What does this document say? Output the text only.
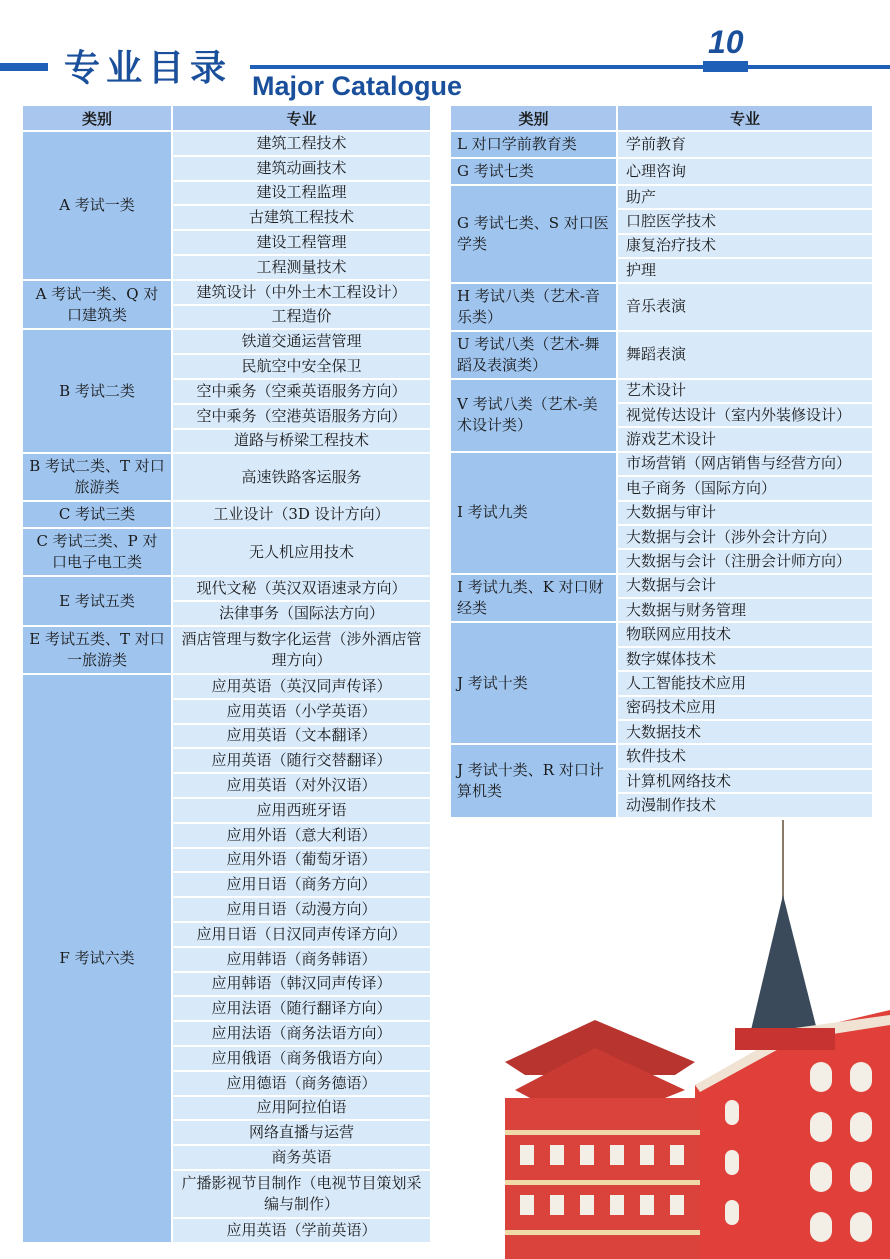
专业目录 Major Catalogue
10
类别	专业
A 考试一类	建筑工程技术
	建筑动画技术
	建设工程监理
	古建筑工程技术
	建设工程管理
	工程测量技术
A 考试一类、Q 对口建筑类	建筑设计（中外土木工程设计）
	工程造价
B 考试二类	铁道交通运营管理
	民航空中安全保卫
	空中乘务（空乘英语服务方向）
	空中乘务（空港英语服务方向）
	道路与桥梁工程技术
B 考试二类、T 对口旅游类	高速铁路客运服务
C 考试三类	工业设计（3D 设计方向）
C 考试三类、P 对口电子电工类	无人机应用技术
E 考试五类	现代文秘（英汉双语速录方向）
	法律事务（国际法方向）
E 考试五类、T 对口一旅游类	酒店管理与数字化运营（涉外酒店管理方向）
F 考试六类	应用英语（英汉同声传译）
	应用英语（小学英语）
	应用英语（文本翻译）
	应用英语（随行交替翻译）
	应用英语（对外汉语）
	应用西班牙语
	应用外语（意大利语）
	应用外语（葡萄牙语）
	应用日语（商务方向）
	应用日语（动漫方向）
	应用日语（日汉同声传译方向）
	应用韩语（商务韩语）
	应用韩语（韩汉同声传译）
	应用法语（随行翻译方向）
	应用法语（商务法语方向）
	应用俄语（商务俄语方向）
	应用德语（商务德语）
	应用阿拉伯语
	网络直播与运营
	商务英语
	广播影视节目制作（电视节目策划采编与制作）
	应用英语（学前英语）
类别	专业
L 对口学前教育类	学前教育
G 考试七类	心理咨询
G 考试七类、S 对口医学类	助产
	口腔医学技术
	康复治疗技术
	护理
H 考试八类（艺术-音乐类）	音乐表演
U 考试八类（艺术-舞蹈及表演类）	舞蹈表演
V 考试八类（艺术-美术设计类）	艺术设计
	视觉传达设计（室内外装修设计）
	游戏艺术设计
I 考试九类	市场营销（网店销售与经营方向）
	电子商务（国际方向）
	大数据与审计
	大数据与会计（涉外会计方向）
	大数据与会计（注册会计师方向）
I 考试九类、K 对口财经类	大数据与会计
	大数据与财务管理
J 考试十类	物联网应用技术
	数字媒体技术
	人工智能技术应用
	密码技术应用
	大数据技术
J 考试十类、R 对口计算机类	软件技术
	计算机网络技术
	动漫制作技术
